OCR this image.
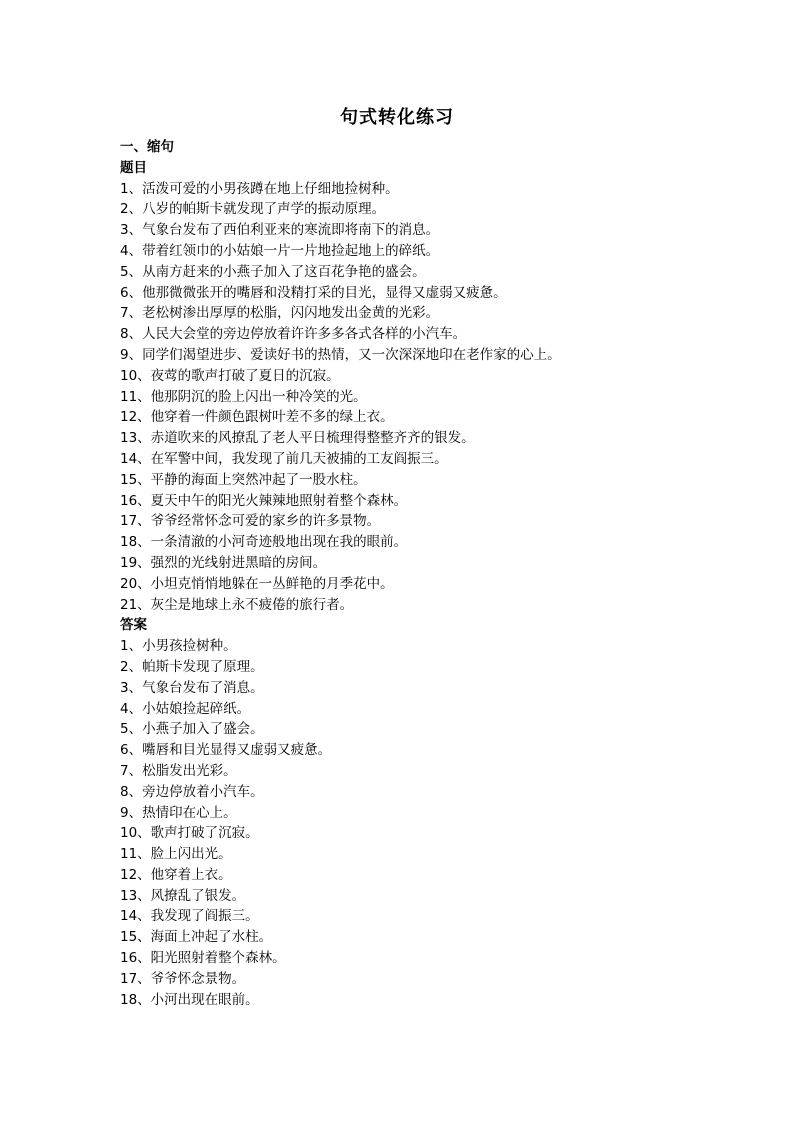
句式转化练习
一、缩句
题目
1、活泼可爱的小男孩蹲在地上仔细地捡树种。
2、八岁的帕斯卡就发现了声学的振动原理。
3、气象台发布了西伯利亚来的寒流即将南下的消息。
4、带着红领巾的小姑娘一片一片地捡起地上的碎纸。
5、从南方赶来的小燕子加入了这百花争艳的盛会。
6、他那微微张开的嘴唇和没精打采的目光，显得又虚弱又疲惫。
7、老松树渗出厚厚的松脂，闪闪地发出金黄的光彩。
8、人民大会堂的旁边停放着许许多多各式各样的小汽车。
9、同学们渴望进步、爱读好书的热情，又一次深深地印在老作家的心上。
10、夜莺的歌声打破了夏日的沉寂。
11、他那阴沉的脸上闪出一种冷笑的光。
12、他穿着一件颜色跟树叶差不多的绿上衣。
13、赤道吹来的风撩乱了老人平日梳理得整整齐齐的银发。
14、在军警中间，我发现了前几天被捕的工友阎振三。
15、平静的海面上突然冲起了一股水柱。
16、夏天中午的阳光火辣辣地照射着整个森林。
17、爷爷经常怀念可爱的家乡的许多景物。
18、一条清澈的小河奇迹般地出现在我的眼前。
19、强烈的光线射进黑暗的房间。
20、小坦克悄悄地躲在一丛鲜艳的月季花中。
21、灰尘是地球上永不疲倦的旅行者。
答案
1、小男孩捡树种。
2、帕斯卡发现了原理。
3、气象台发布了消息。
4、小姑娘捡起碎纸。
5、小燕子加入了盛会。
6、嘴唇和目光显得又虚弱又疲惫。
7、松脂发出光彩。
8、旁边停放着小汽车。
9、热情印在心上。
10、歌声打破了沉寂。
11、脸上闪出光。
12、他穿着上衣。
13、风撩乱了银发。
14、我发现了阎振三。
15、海面上冲起了水柱。
16、阳光照射着整个森林。
17、爷爷怀念景物。
18、小河出现在眼前。
